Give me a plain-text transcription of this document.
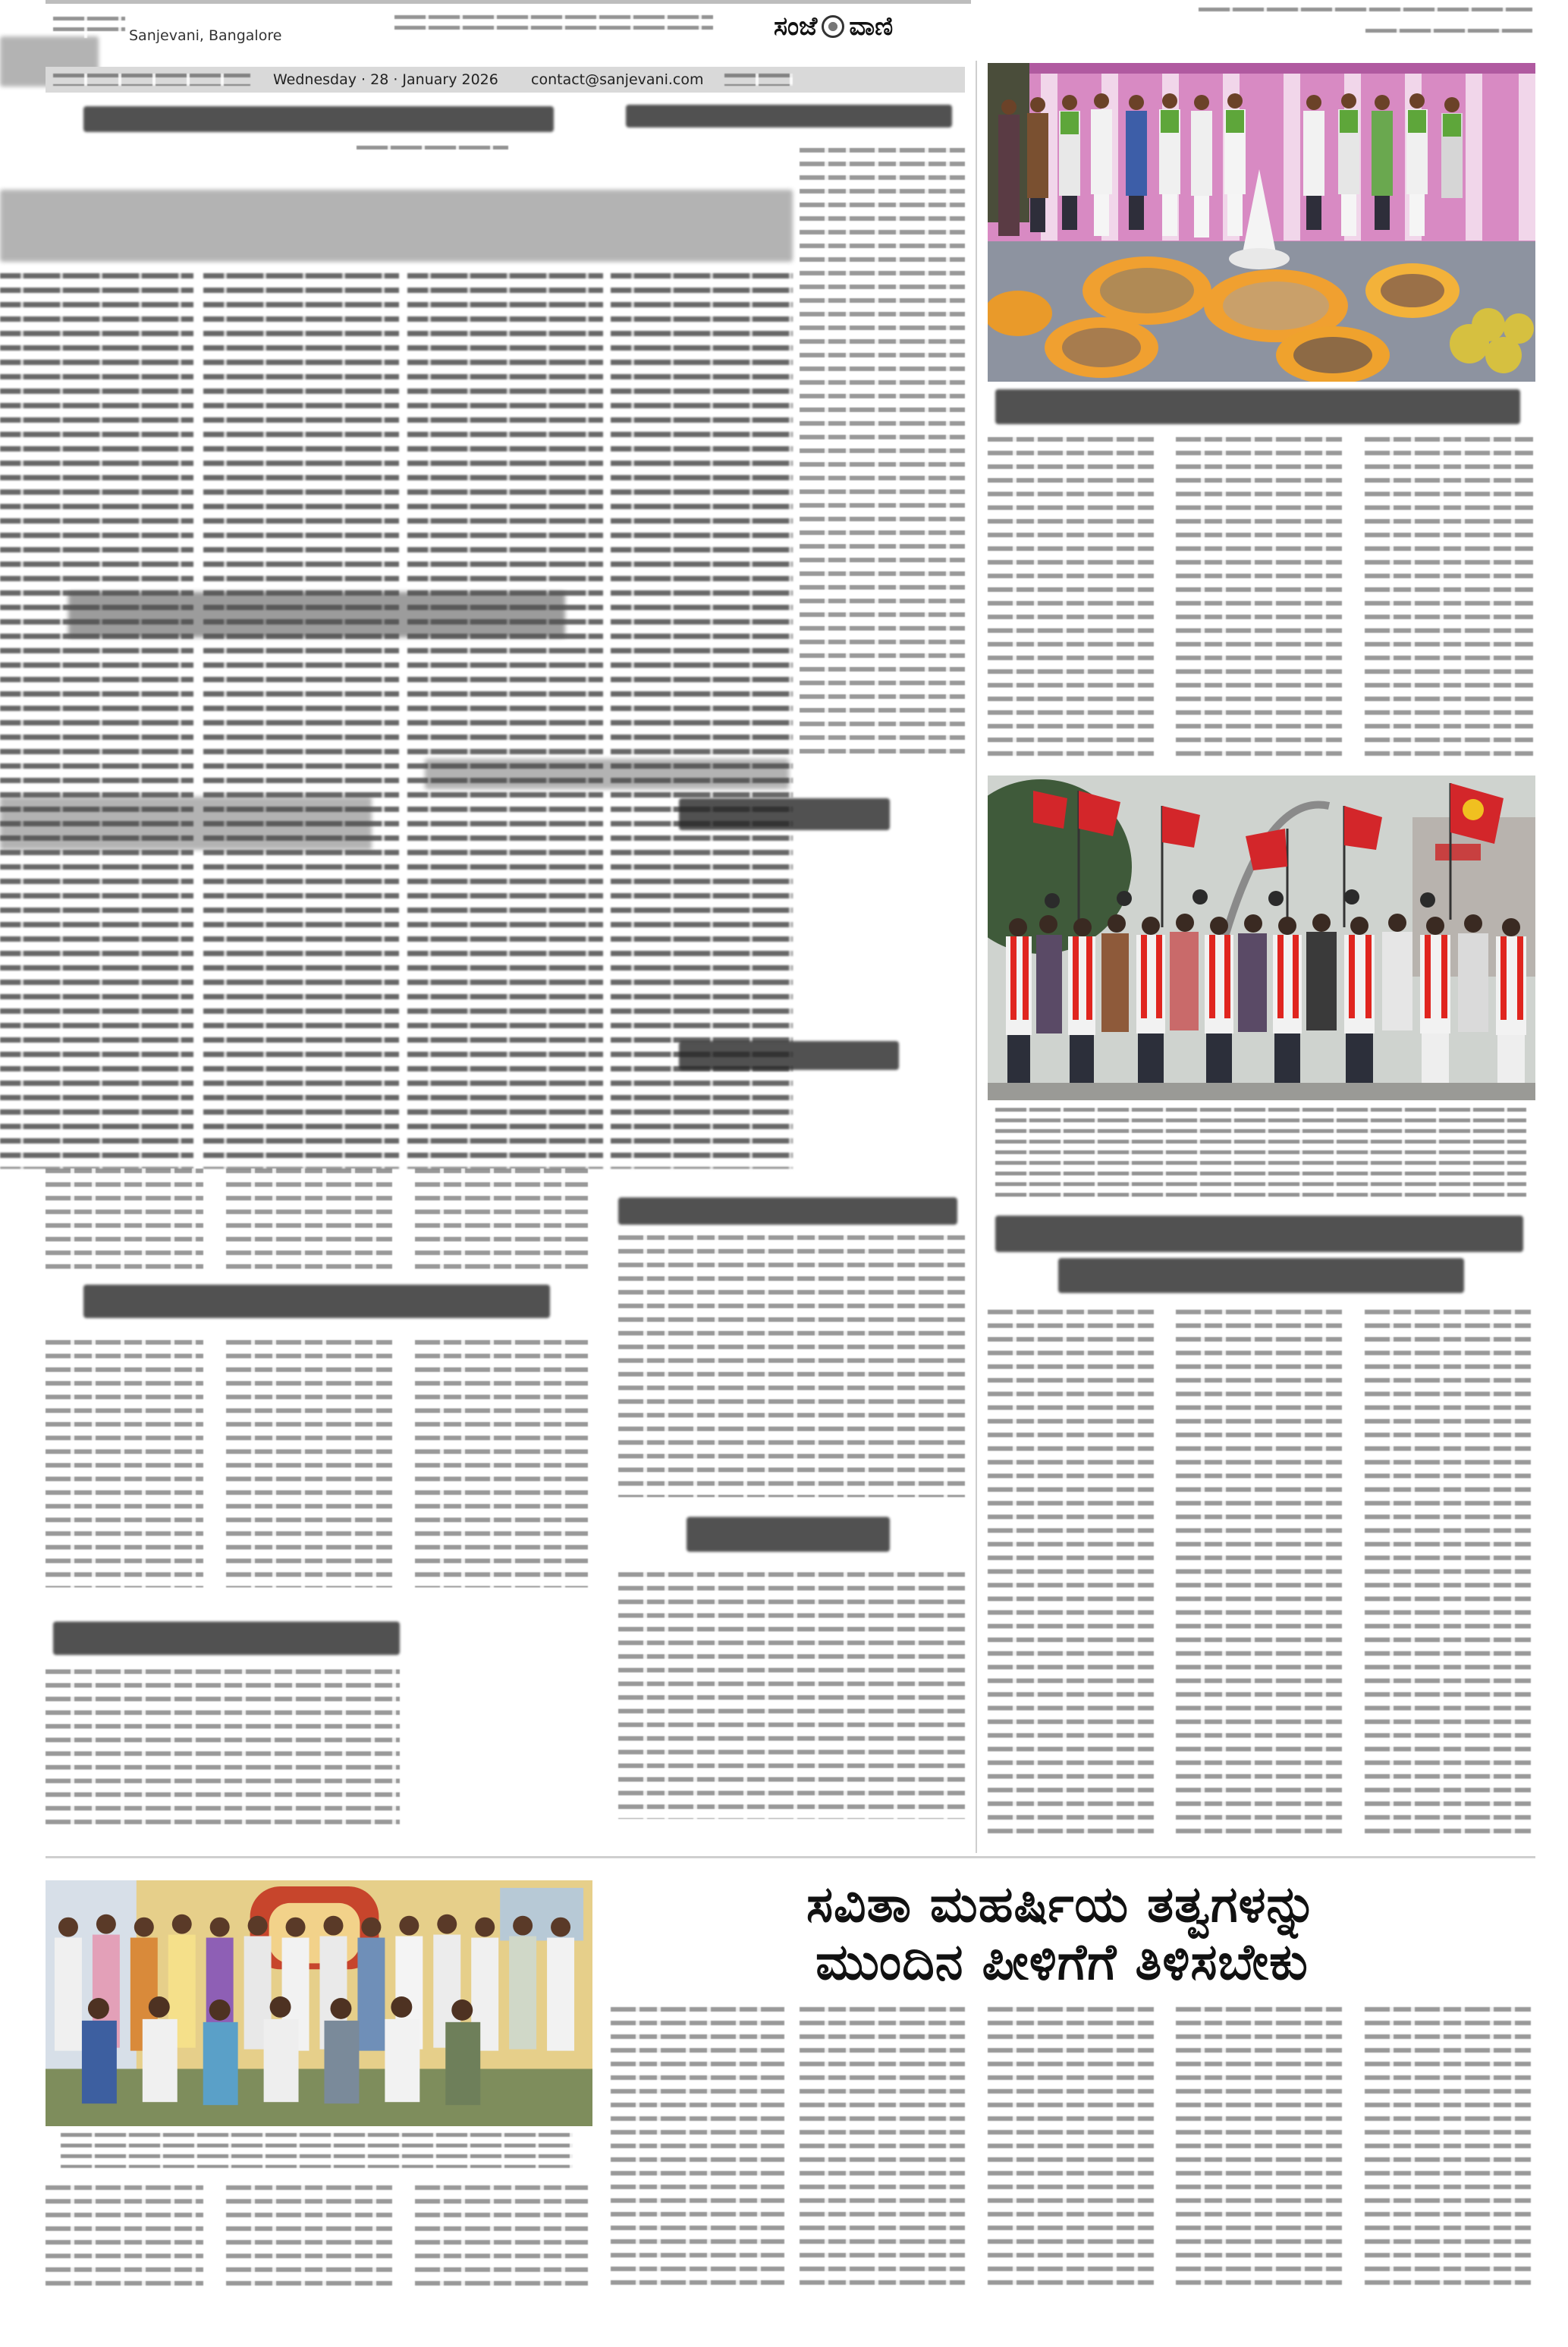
Sanjevani, Bangalore	ಸಂಜೆ ವಾಣಿ
Wednesday · 28 · January 2026 contact@sanjevani.com
ಸವಿತಾ ಮಹರ್ಷಿಯ ತತ್ವಗಳನ್ನು
ಮುಂದಿನ ಪೀಳಿಗೆಗೆ ತಿಳಿಸಬೇಕು
